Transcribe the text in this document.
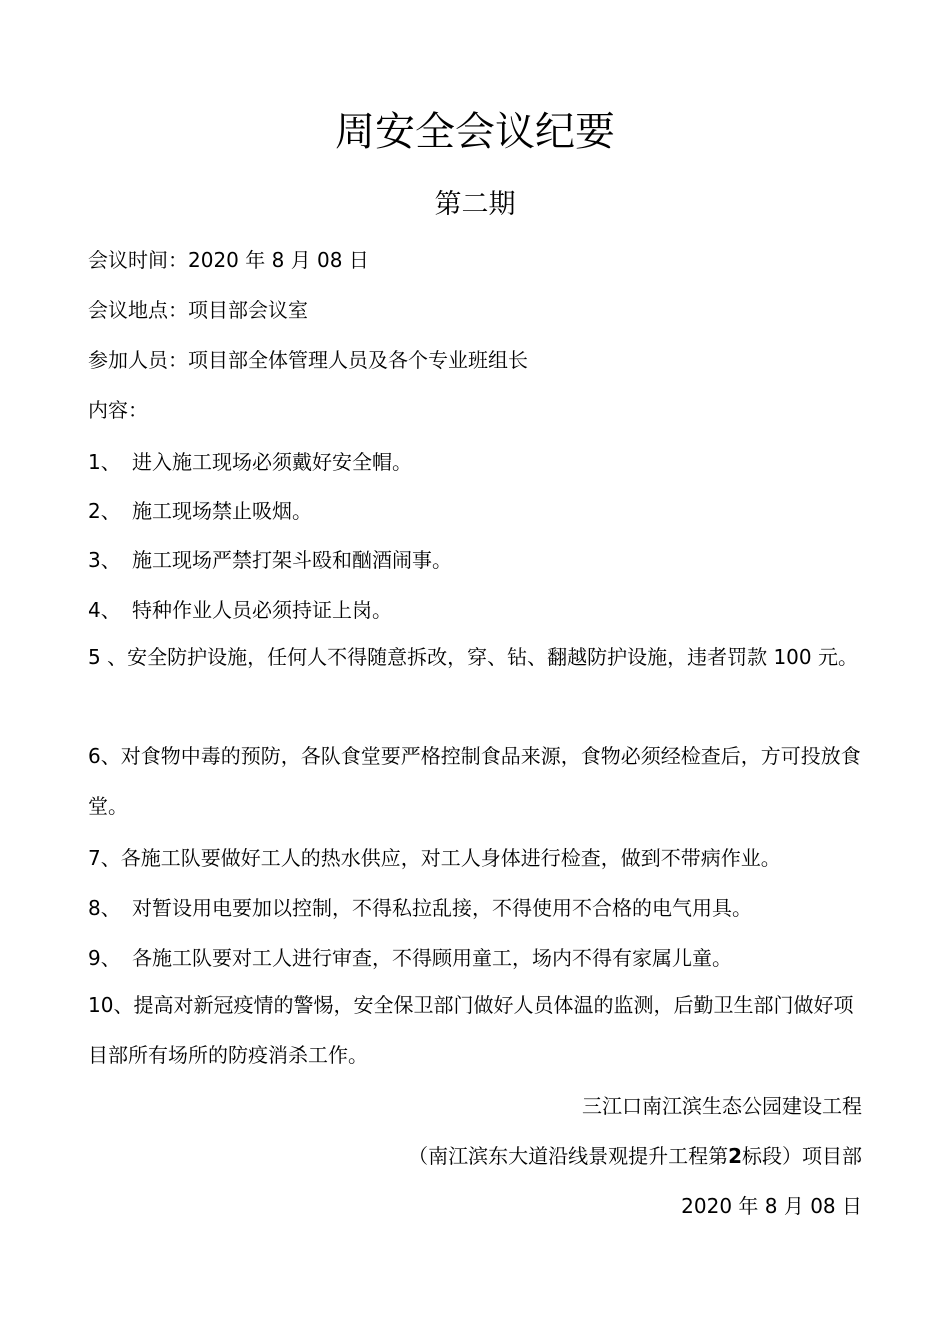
周安全会议纪要
第二期
会议时间：2020 年 8 月 08 日
会议地点：项目部会议室
参加人员：项目部全体管理人员及各个专业班组长
内容：
1、 进入施工现场必须戴好安全帽。
2、 施工现场禁止吸烟。
3、 施工现场严禁打架斗殴和酗酒闹事。
4、 特种作业人员必须持证上岗。
5 、安全防护设施，任何人不得随意拆改，穿、钻、翻越防护设施，违者罚款 100 元。
6、对食物中毒的预防，各队食堂要严格控制食品来源，食物必须经检查后，方可投放食堂。
7、各施工队要做好工人的热水供应，对工人身体进行检查，做到不带病作业。
8、 对暂设用电要加以控制，不得私拉乱接，不得使用不合格的电气用具。
9、 各施工队要对工人进行审查，不得顾用童工，场内不得有家属儿童。
10、提高对新冠疫情的警惕，安全保卫部门做好人员体温的监测，后勤卫生部门做好项目部所有场所的防疫消杀工作。
三江口南江滨生态公园建设工程
（南江滨东大道沿线景观提升工程第2标段）项目部
2020 年 8 月 08 日
